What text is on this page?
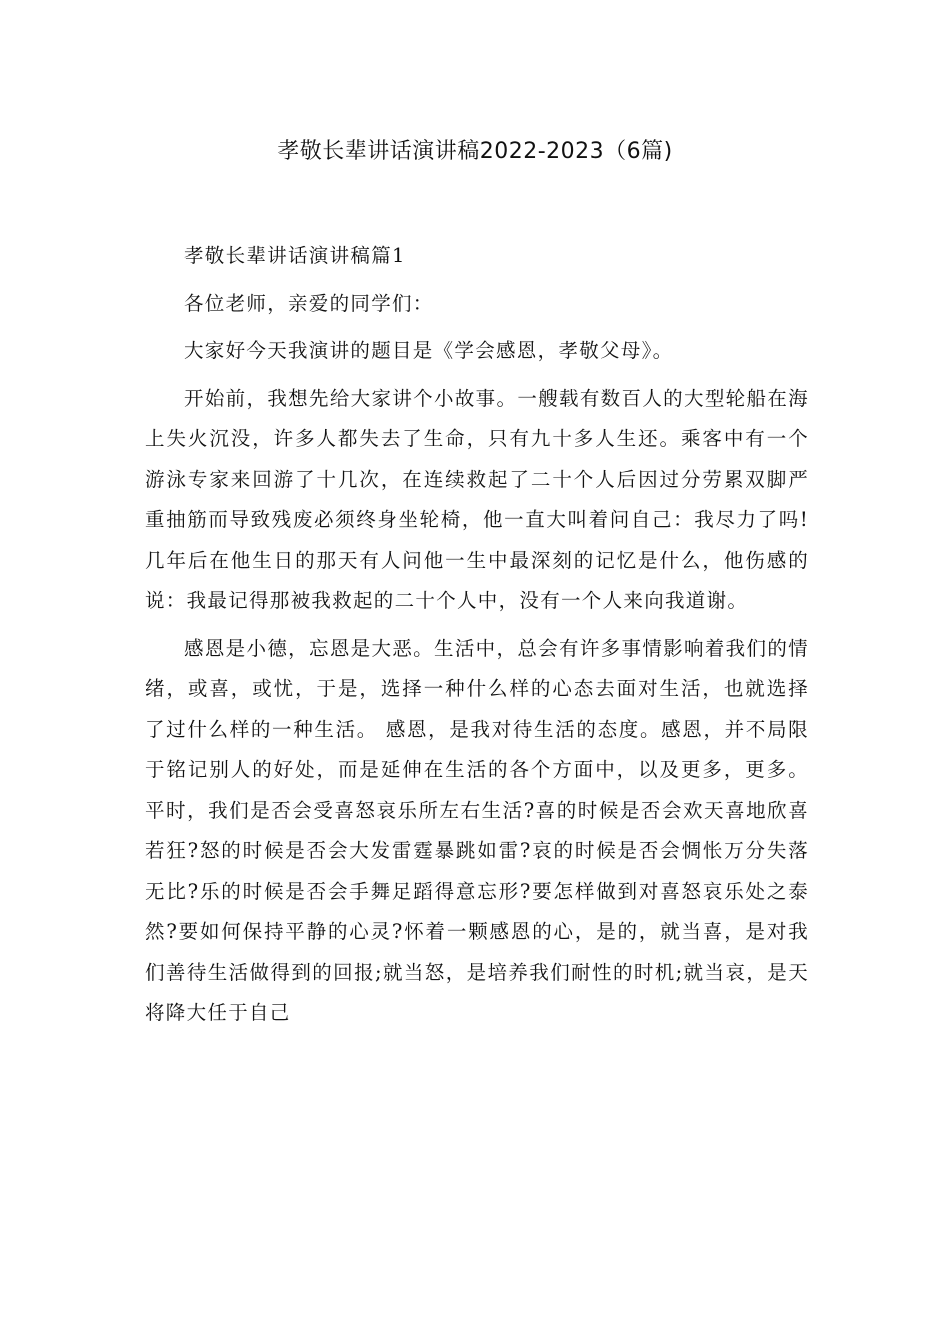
孝敬长辈讲话演讲稿2022-2023（6篇)

孝敬长辈讲话演讲稿篇1

各位老师，亲爱的同学们：

大家好今天我演讲的题目是《学会感恩，孝敬父母》。

开始前，我想先给大家讲个小故事。一艘载有数百人的大型轮船在海上失火沉没，许多人都失去了生命，只有九十多人生还。乘客中有一个游泳专家来回游了十几次，在连续救起了二十个人后因过分劳累双脚严重抽筋而导致残废必须终身坐轮椅，他一直大叫着问自己：我尽力了吗!几年后在他生日的那天有人问他一生中最深刻的记忆是什么，他伤感的说：我最记得那被我救起的二十个人中，没有一个人来向我道谢。

感恩是小德，忘恩是大恶。生活中，总会有许多事情影响着我们的情绪，或喜，或忧，于是，选择一种什么样的心态去面对生活，也就选择了过什么样的一种生活。 感恩，是我对待生活的态度。感恩，并不局限于铭记别人的好处，而是延伸在生活的各个方面中，以及更多，更多。平时，我们是否会受喜怒哀乐所左右生活?喜的时候是否会欢天喜地欣喜若狂?怒的时候是否会大发雷霆暴跳如雷?哀的时候是否会惆怅万分失落无比?乐的时候是否会手舞足蹈得意忘形?要怎样做到对喜怒哀乐处之泰然?要如何保持平静的心灵?怀着一颗感恩的心，是的，就当喜，是对我们善待生活做得到的回报;就当怒，是培养我们耐性的时机;就当哀，是天将降大任于自己
